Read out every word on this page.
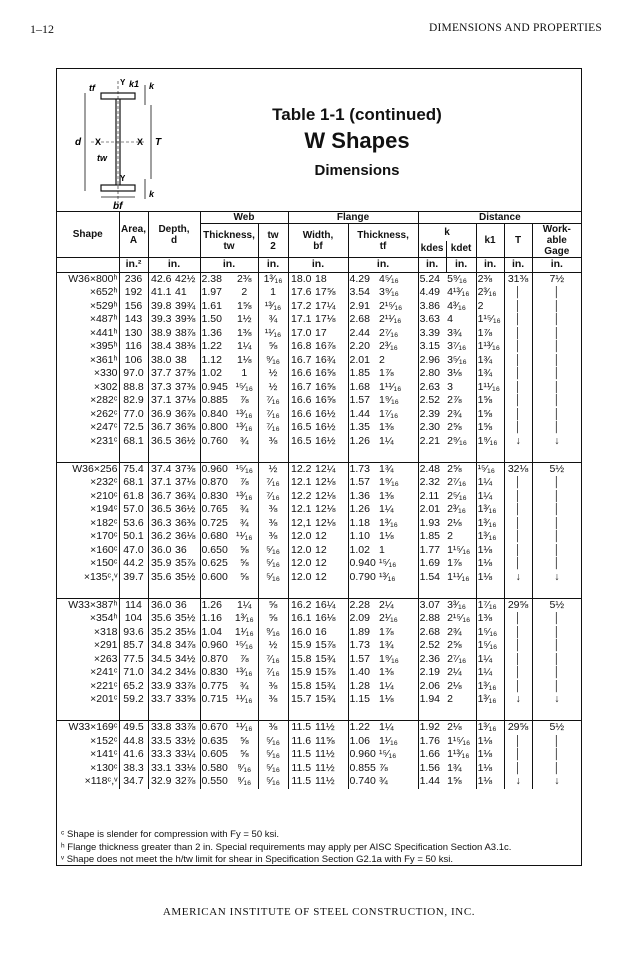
1–12	DIMENSIONS AND PROPERTIES
tf
Y k1 k
d X	X T
tw
Y
bf
k
Table 1-1 (continued)
W Shapes
Dimensions
Shape	Area,
A	Depth,
d		Web			Flange				Distance				
				Thickness,
tw		tw
2	Width,
bf		Thickness,
tf		k		k1	T	Work-
able
Gage
											kdes	kdet			
	in.²	in.		in.		in.	in.		in.		in.	in.	in.	in.	in.
W36×800ʰ	236	42.6	42½	2.38	2⅜	1³⁄₁₆	18.0	18	4.29	4⁵⁄₁₆	5.24	5⁹⁄₁₆	2⅜	31⅜	7½
×652ʰ	192	41.1	41	1.97	2	1	17.6	17⅝	3.54	3⁹⁄₁₆	4.49	4¹³⁄₁₆	2³⁄₁₆	│	│
×529ʰ	156	39.8	39¾	1.61	1⅝	¹³⁄₁₆	17.2	17¼	2.91	2¹⁵⁄₁₆	3.86	4³⁄₁₆	2	│	│
×487ʰ	143	39.3	39⅜	1.50	1½	¾	17.1	17⅛	2.68	2¹¹⁄₁₆	3.63	4	1¹⁵⁄₁₆	│	│
×441ʰ	130	38.9	38⅞	1.36	1⅜	¹¹⁄₁₆	17.0	17	2.44	2⁷⁄₁₆	3.39	3¾	1⅞	│	│
×395ʰ	116	38.4	38⅜	1.22	1¼	⅝	16.8	16⅞	2.20	2³⁄₁₆	3.15	3⁷⁄₁₆	1¹³⁄₁₆	│	│
×361ʰ	106	38.0	38	1.12	1⅛	⁹⁄₁₆	16.7	16¾	2.01	2	2.96	3⁵⁄₁₆	1¾	│	│
×330	97.0	37.7	37⅝	1.02	1	½	16.6	16⅝	1.85	1⅞	2.80	3⅛	1¾	│	│
×302	88.8	37.3	37⅜	0.945	¹⁵⁄₁₆	½	16.7	16⅝	1.68	1¹¹⁄₁₆	2.63	3	1¹¹⁄₁₆	│	│
×282ᶜ	82.9	37.1	37⅛	0.885	⅞	⁷⁄₁₆	16.6	16⅝	1.57	1⁹⁄₁₆	2.52	2⅞	1⅝	│	│
×262ᶜ	77.0	36.9	36⅞	0.840	¹³⁄₁₆	⁷⁄₁₆	16.6	16½	1.44	1⁷⁄₁₆	2.39	2¾	1⅝	│	│
×247ᶜ	72.5	36.7	36⅝	0.800	¹³⁄₁₆	⁷⁄₁₆	16.5	16½	1.35	1⅜	2.30	2⅝	1⅝	│	│
×231ᶜ	68.1	36.5	36½	0.760	¾	⅜	16.5	16½	1.26	1¼	2.21	2⁹⁄₁₆	1⁹⁄₁₆	↓	↓

W36×256	75.4	37.4	37⅜	0.960	¹⁵⁄₁₆	½	12.2	12¼	1.73	1¾	2.48	2⅝	¹⁵⁄₁₆	32⅛	5½
×232ᶜ	68.1	37.1	37⅛	0.870	⅞	⁷⁄₁₆	12.1	12⅛	1.57	1⁹⁄₁₆	2.32	2⁷⁄₁₆	1¼	│	│
×210ᶜ	61.8	36.7	36¾	0.830	¹³⁄₁₆	⁷⁄₁₆	12.2	12⅛	1.36	1⅜	2.11	2⁵⁄₁₆	1¼	│	│
×194ᶜ	57.0	36.5	36½	0.765	¾	⅜	12.1	12⅛	1.26	1¼	2.01	2³⁄₁₆	1³⁄₁₆	│	│
×182ᶜ	53.6	36.3	36⅜	0.725	¾	⅜	12,1	12⅛	1.18	1³⁄₁₆	1.93	2⅛	1³⁄₁₆	│	│
×170ᶜ	50.1	36.2	36⅛	0.680	¹¹⁄₁₆	⅜	12.0	12	1.10	1⅛	1.85	2	1³⁄₁₆	│	│
×160ᶜ	47.0	36.0	36	0.650	⅝	⁵⁄₁₆	12.0	12	1.02	1	1.77	1¹⁵⁄₁₆	1⅛	│	│
×150ᶜ	44.2	35.9	35⅞	0.625	⅝	⁵⁄₁₆	12.0	12	0.940	¹⁵⁄₁₆	1.69	1⅞	1⅛	│	│
×135ᶜ,ᵛ	39.7	35.6	35½	0.600	⅝	⁵⁄₁₆	12.0	12	0.790	¹³⁄₁₆	1.54	1¹¹⁄₁₆	1⅛	↓	↓

W33×387ʰ	114	36.0	36	1.26	1¼	⅝	16.2	16¼	2.28	2¼	3.07	3³⁄₁₆	1⁷⁄₁₆	29⅝	5½
×354ʰ	104	35.6	35½	1.16	1³⁄₁₆	⅝	16.1	16⅛	2.09	2¹⁄₁₆	2.88	2¹⁵⁄₁₆	1⅜	│	│
×318	93.6	35.2	35⅛	1.04	1¹⁄₁₆	⁹⁄₁₆	16.0	16	1.89	1⅞	2.68	2¾	1⁵⁄₁₆	│	│
×291	85.7	34.8	34⅞	0.960	¹⁵⁄₁₆	½	15.9	15⅞	1.73	1¾	2.52	2⅝	1⁵⁄₁₆	│	│
×263	77.5	34.5	34½	0.870	⅞	⁷⁄₁₆	15.8	15¾	1.57	1⁹⁄₁₆	2.36	2⁷⁄₁₆	1¼	│	│
×241ᶜ	71.0	34.2	34⅛	0.830	¹³⁄₁₆	⁷⁄₁₆	15.9	15⅞	1.40	1⅜	2.19	2¼	1¼	│	│
×221ᶜ	65.2	33.9	33⅞	0.775	¾	⅜	15.8	15¾	1.28	1¼	2.06	2⅛	1³⁄₁₆	│	│
×201ᶜ	59.2	33.7	33⅝	0.715	¹¹⁄₁₆	⅜	15.7	15¾	1.15	1⅛	1.94	2	1³⁄₁₆	↓	↓

W33×169ᶜ	49.5	33.8	33⅞	0.670	¹¹⁄₁₆	⅜	11.5	11½	1.22	1¼	1.92	2⅛	1³⁄₁₆	29⅝	5½
×152ᶜ	44.8	33.5	33½	0.635	⅝	⁵⁄₁₆	11.6	11⅝	1.06	1¹⁄₁₆	1.76	1¹⁵⁄₁₆	1⅛	│	│
×141ᶜ	41.6	33.3	33¼	0.605	⅝	⁵⁄₁₆	11.5	11½	0.960	¹⁵⁄₁₆	1.66	1¹³⁄₁₆	1⅛	│	│
×130ᶜ	38.3	33.1	33⅛	0.580	⁹⁄₁₆	⁵⁄₁₆	11.5	11½	0.855	⅞	1.56	1¾	1⅛	│	│
×118ᶜ,ᵛ	34.7	32.9	32⅞	0.550	⁹⁄₁₆	⁵⁄₁₆	11.5	11½	0.740	¾	1.44	1⅝	1⅛	↓	↓
ᶜ Shape is slender for compression with Fy = 50 ksi.
ʰ Flange thickness greater than 2 in. Special requirements may apply per AISC Specification Section A3.1c.
ᵛ Shape does not meet the h/tw limit for shear in Specification Section G2.1a with Fy = 50 ksi.
AMERICAN INSTITUTE OF STEEL CONSTRUCTION, INC.
